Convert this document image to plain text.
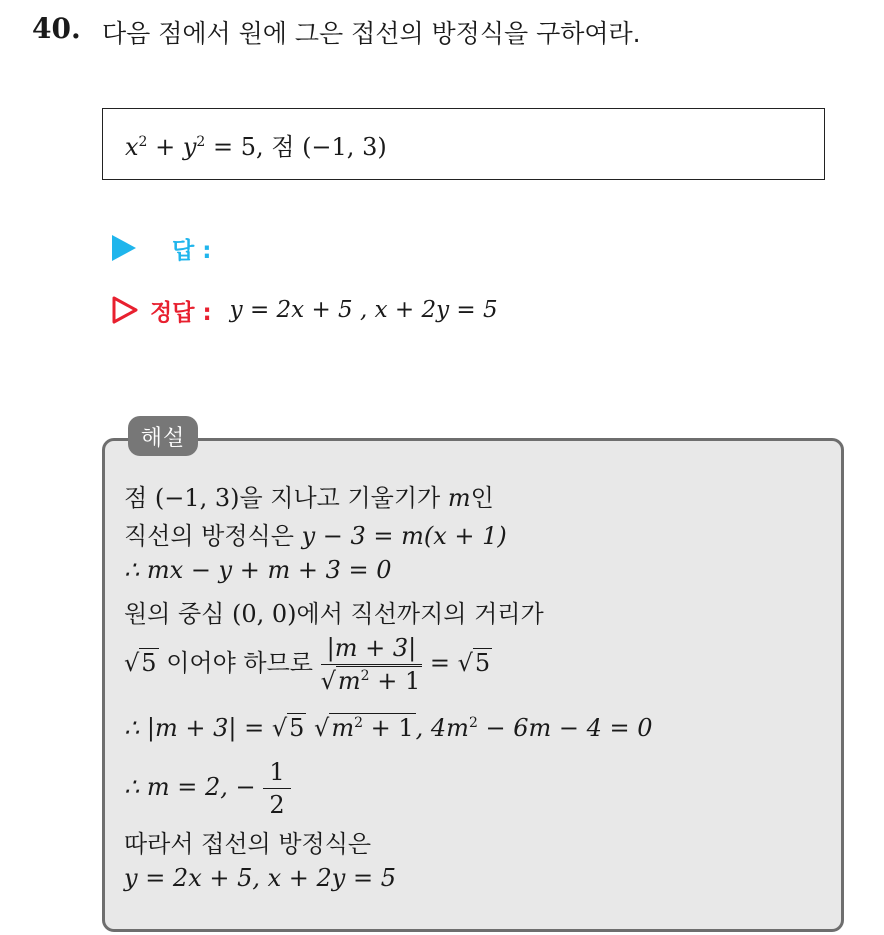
40. 다음 점에서 원에 그은 접선의 방정식을 구하여라.
$x^2 + y^2 = 5$, 점 (−1, 3)
답 :
정답 : y = 2x + 5 , x + 2y = 5
해설
점 (−1, 3)을 지나고 기울기가 m인
직선의 방정식은 y − 3 = m(x + 1)
∴ mx − y + m + 3 = 0
원의 중심 (0, 0)에서 직선까지의 거리가
√5 이어야 하므로 $\frac{|m + 3|}{√m^2 + 1} = √5$
∴ |m + 3| = √5 $√m^2 + 1$, $4m^2 - 6m - 4 = 0$
∴ m = 2, − $\frac{1}{2}$
따라서 접선의 방정식은
y = 2x + 5, x + 2y = 5
